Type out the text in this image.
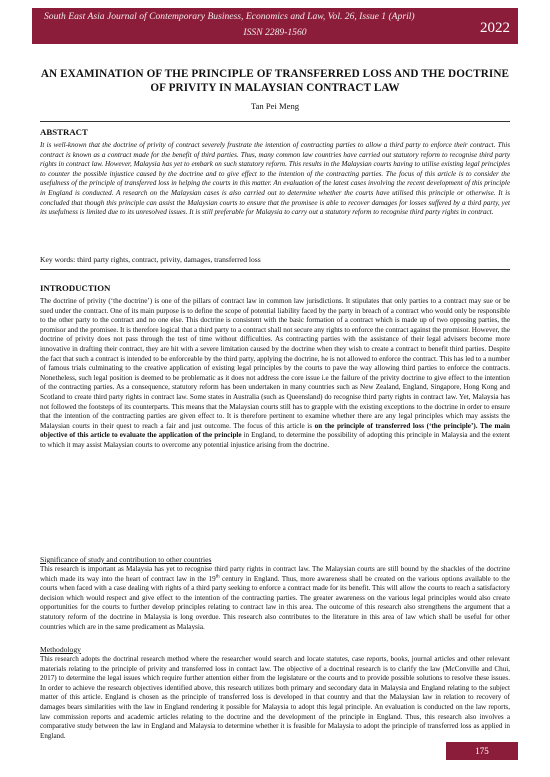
South East Asia Journal of Contemporary Business, Economics and Law, Vol. 26, Issue 1 (April)
ISSN 2289-1560	2022
AN EXAMINATION OF THE PRINCIPLE OF TRANSFERRED LOSS AND THE DOCTRINE
OF PRIVITY IN MALAYSIAN CONTRACT LAW
Tan Pei Meng
ABSTRACT
It is well-known that the doctrine of privity of contract severely frustrate the intention of contracting parties to allow a third party to enforce their contract. This contract is known as a contract made for the benefit of third parties. Thus, many common law countries have carried out statutory reform to recognise third party rights in contract law. However, Malaysia has yet to embark on such statutory reform. This results in the Malaysian courts having to utilise existing legal principles to counter the possible injustice caused by the doctrine and to give effect to the intention of the contracting parties. The focus of this article is to consider the usefulness of the principle of transferred loss in helping the courts in this matter. An evaluation of the latest cases involving the recent development of this principle in England is conducted. A research on the Malaysian cases is also carried out to determine whether the courts have utilised this principle or otherwise. It is concluded that though this principle can assist the Malaysian courts to ensure that the promisee is able to recover damages for losses suffered by a third party, yet its usefulness is limited due to its unresolved issues. It is still preferable for Malaysia to carry out a statutory reform to recognise third party rights in contract.
Key words: third party rights, contract, privity, damages, transferred loss
INTRODUCTION

The doctrine of privity (‘the doctrine’) is one of the pillars of contract law in common law jurisdictions. It stipulates that only parties to a contract may sue or be sued under the contract. One of its main purpose is to define the scope of potential liability faced by the party in breach of a contract who would only be responsible to the other party to the contract and no one else. This doctrine is consistent with the basic formation of a contract which is made up of two opposing parties, the promisor and the promisee. It is therefore logical that a third party to a contract shall not secure any rights to enforce the contract against the promisor. However, the doctrine of privity does not pass through the test of time without difficulties. As contracting parties with the assistance of their legal advisers become more innovative in drafting their contract, they are hit with a severe limitation caused by the doctrine when they wish to create a contract to benefit third parties. Despite the fact that such a contract is intended to be enforceable by the third party, applying the doctrine, he is not allowed to enforce the contract. This has led to a number of famous trials culminating to the creative application of existing legal principles by the courts to pave the way allowing third parties to enforce the contracts. Nonetheless, such legal position is deemed to be problematic as it does not address the core issue i.e the failure of the privity doctrine to give effect to the intention of the contracting parties. As a consequence, statutory reform has been undertaken in many countries such as New Zealand, England, Singapore, Hong Kong and Scotland to create third party rights in contract law. Some states in Australia (such as Queensland) do recognise third party rights in contract law. Yet, Malaysia has not followed the footsteps of its counterparts. This means that the Malaysian courts still has to grapple with the existing exceptions to the doctrine in order to ensure that the intention of the contracting parties are given effect to. It is therefore pertinent to examine whether there are any legal principles which may assists the Malaysian courts in their quest to reach a fair and just outcome. The focus of this article is on the principle of transferred loss (‘the principle’). The main objective of this article to evaluate the application of the principle in England, to determine the possibility of adopting this principle in Malaysia and the extent to which it may assist Malaysian courts to overcome any potential injustice arising from the doctrine.

Significance of study and contribution to other countries

This research is important as Malaysia has yet to recognise third party rights in contract law. The Malaysian courts are still bound by the shackles of the doctrine which made its way into the heart of contract law in the 19th century in England. Thus, more awareness shall be created on the various options available to the courts when faced with a case dealing with rights of a third party seeking to enforce a contract made for its benefit. This will allow the courts to reach a satisfactory decision which would respect and give effect to the intention of the contracting parties. The greater awareness on the various legal principles would also create opportunities for the courts to further develop principles relating to contract law in this area. The outcome of this research also strengthens the argument that a statutory reform of the doctrine in Malaysia is long overdue. This research also contributes to the literature in this area of law which shall be useful for other countries which are in the same predicament as Malaysia.

Methodology

This research adopts the doctrinal research method where the researcher would search and locate statutes, case reports, books, journal articles and other relevant materials relating to the principle of privity and transferred loss in contact law. The objective of a doctrinal research is to clarify the law (McConville and Chui, 2017) to determine the legal issues which require further attention either from the legislature or the courts and to provide possible solutions to resolve these issues. In order to achieve the research objectives identified above, this research utilizes both primary and secondary data in Malaysia and England relating to the subject matter of this article. England is chosen as the principle of transferred loss is developed in that country and that the Malaysian law in relation to recovery of damages bears similarities with the law in England rendering it possible for Malaysia to adopt this legal principle. An evaluation is conducted on the law reports, law commission reports and academic articles relating to the doctrine and the development of the principle in England. Thus, this research also involves a comparative study between the law in England and Malaysia to determine whether it is feasible for Malaysia to adopt the principle of transferred loss as applied in England.

175
